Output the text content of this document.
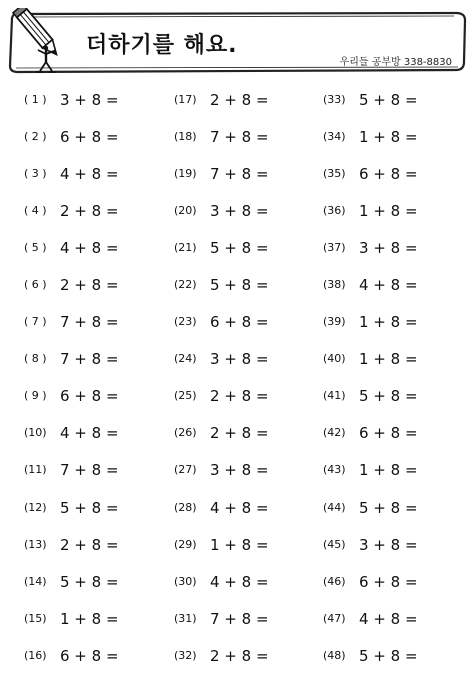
더하기를 해요.
우리들 공부방 338-8830
( 1 ) 3 + 8 =
( 2 ) 6 + 8 =
( 3 ) 4 + 8 =
( 4 ) 2 + 8 =
( 5 ) 4 + 8 =
( 6 ) 2 + 8 =
( 7 ) 7 + 8 =
( 8 ) 7 + 8 =
( 9 ) 6 + 8 =
(10) 4 + 8 =
(11) 7 + 8 =
(12) 5 + 8 =
(13) 2 + 8 =
(14) 5 + 8 =
(15) 1 + 8 =
(16) 6 + 8 =
(17) 2 + 8 =
(18) 7 + 8 =
(19) 7 + 8 =
(20) 3 + 8 =
(21) 5 + 8 =
(22) 5 + 8 =
(23) 6 + 8 =
(24) 3 + 8 =
(25) 2 + 8 =
(26) 2 + 8 =
(27) 3 + 8 =
(28) 4 + 8 =
(29) 1 + 8 =
(30) 4 + 8 =
(31) 7 + 8 =
(32) 2 + 8 =
(33) 5 + 8 =
(34) 1 + 8 =
(35) 6 + 8 =
(36) 1 + 8 =
(37) 3 + 8 =
(38) 4 + 8 =
(39) 1 + 8 =
(40) 1 + 8 =
(41) 5 + 8 =
(42) 6 + 8 =
(43) 1 + 8 =
(44) 5 + 8 =
(45) 3 + 8 =
(46) 6 + 8 =
(47) 4 + 8 =
(48) 5 + 8 =
